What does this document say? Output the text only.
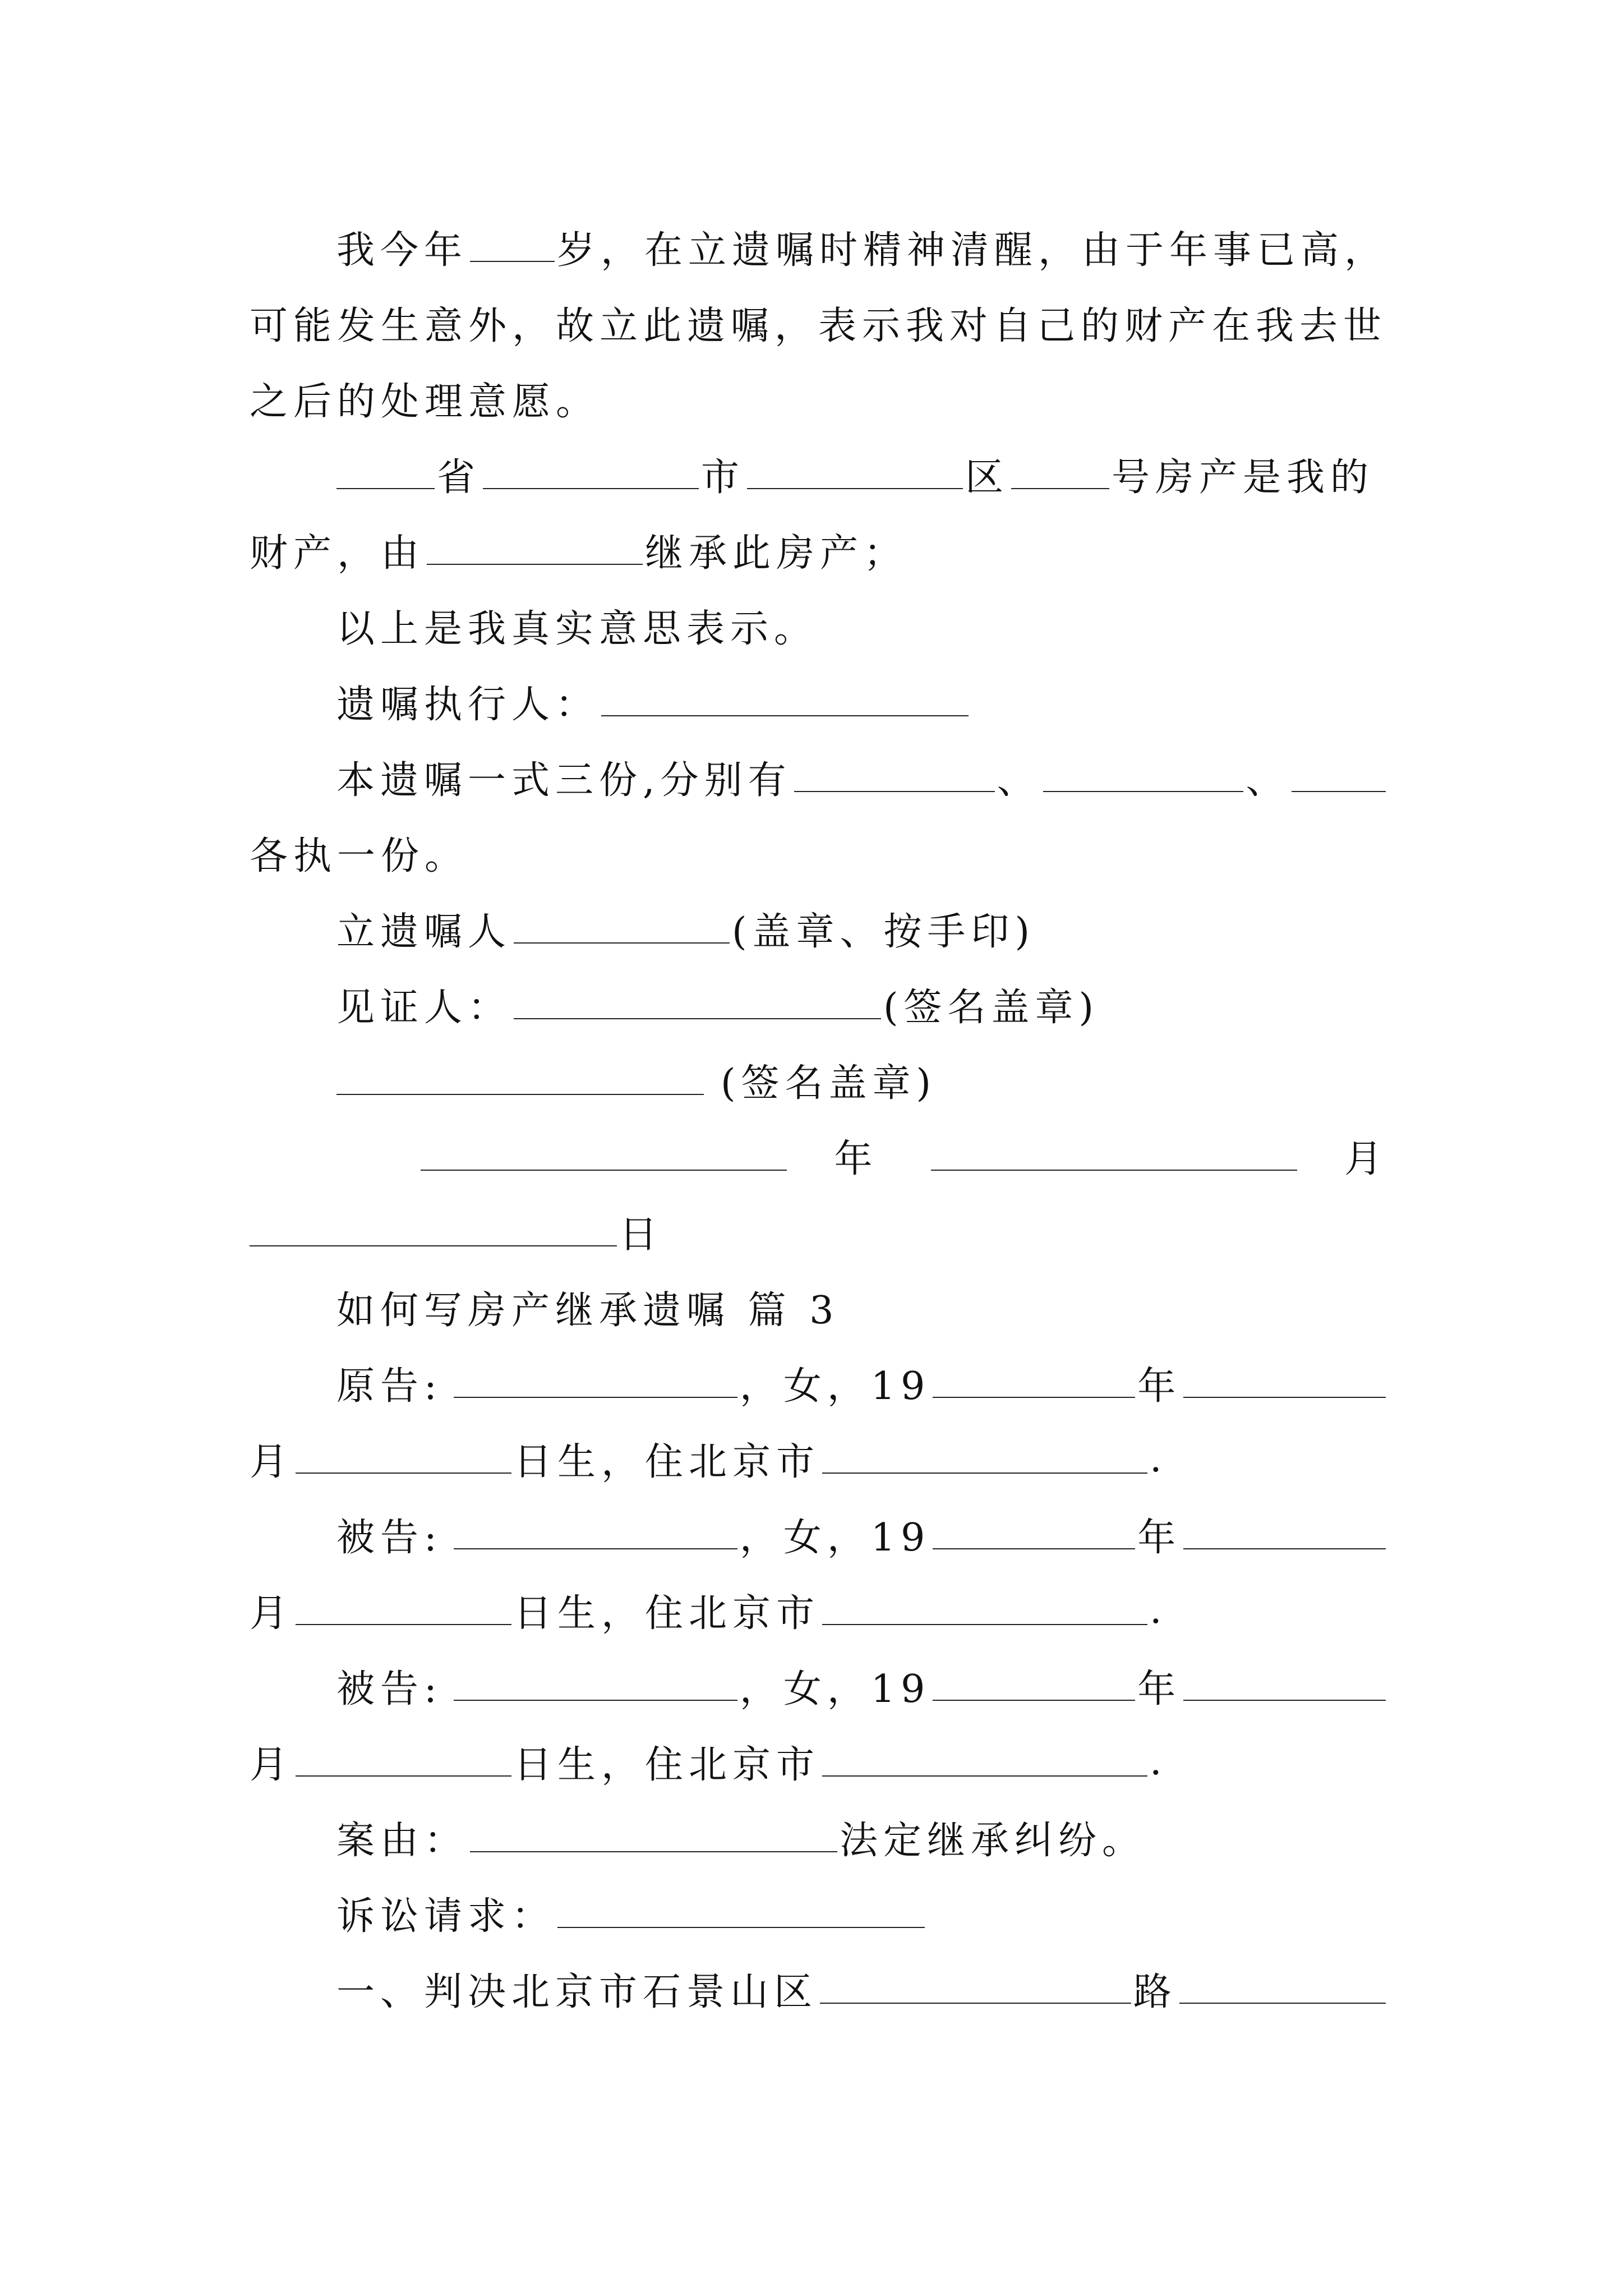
我今年 岁，在立遗嘱时精神清醒，由于年事已高，
可能发生意外，故立此遗嘱，表示我对自己的财产在我去世
之后的处理意愿。
省	市	区	号房产是我的
财产，由	继承此房产；
以上是我真实意思表示。
遗嘱执行人：
本遗嘱一式三份,分别有	、	、
各执一份。
立遗嘱人	(盖章、按手印)
见证人：	(签名盖章)
(签名盖章)
年	月
日
如何写房产继承遗嘱 篇 3
原告:	，女，19	年
月	日生，住北京市	.
被告:	，女，19	年
月	日生，住北京市	.
被告:	，女，19	年
月	日生，住北京市	.
案由：	法定继承纠纷。
诉讼请求：
一、判决北京市石景山区	路
